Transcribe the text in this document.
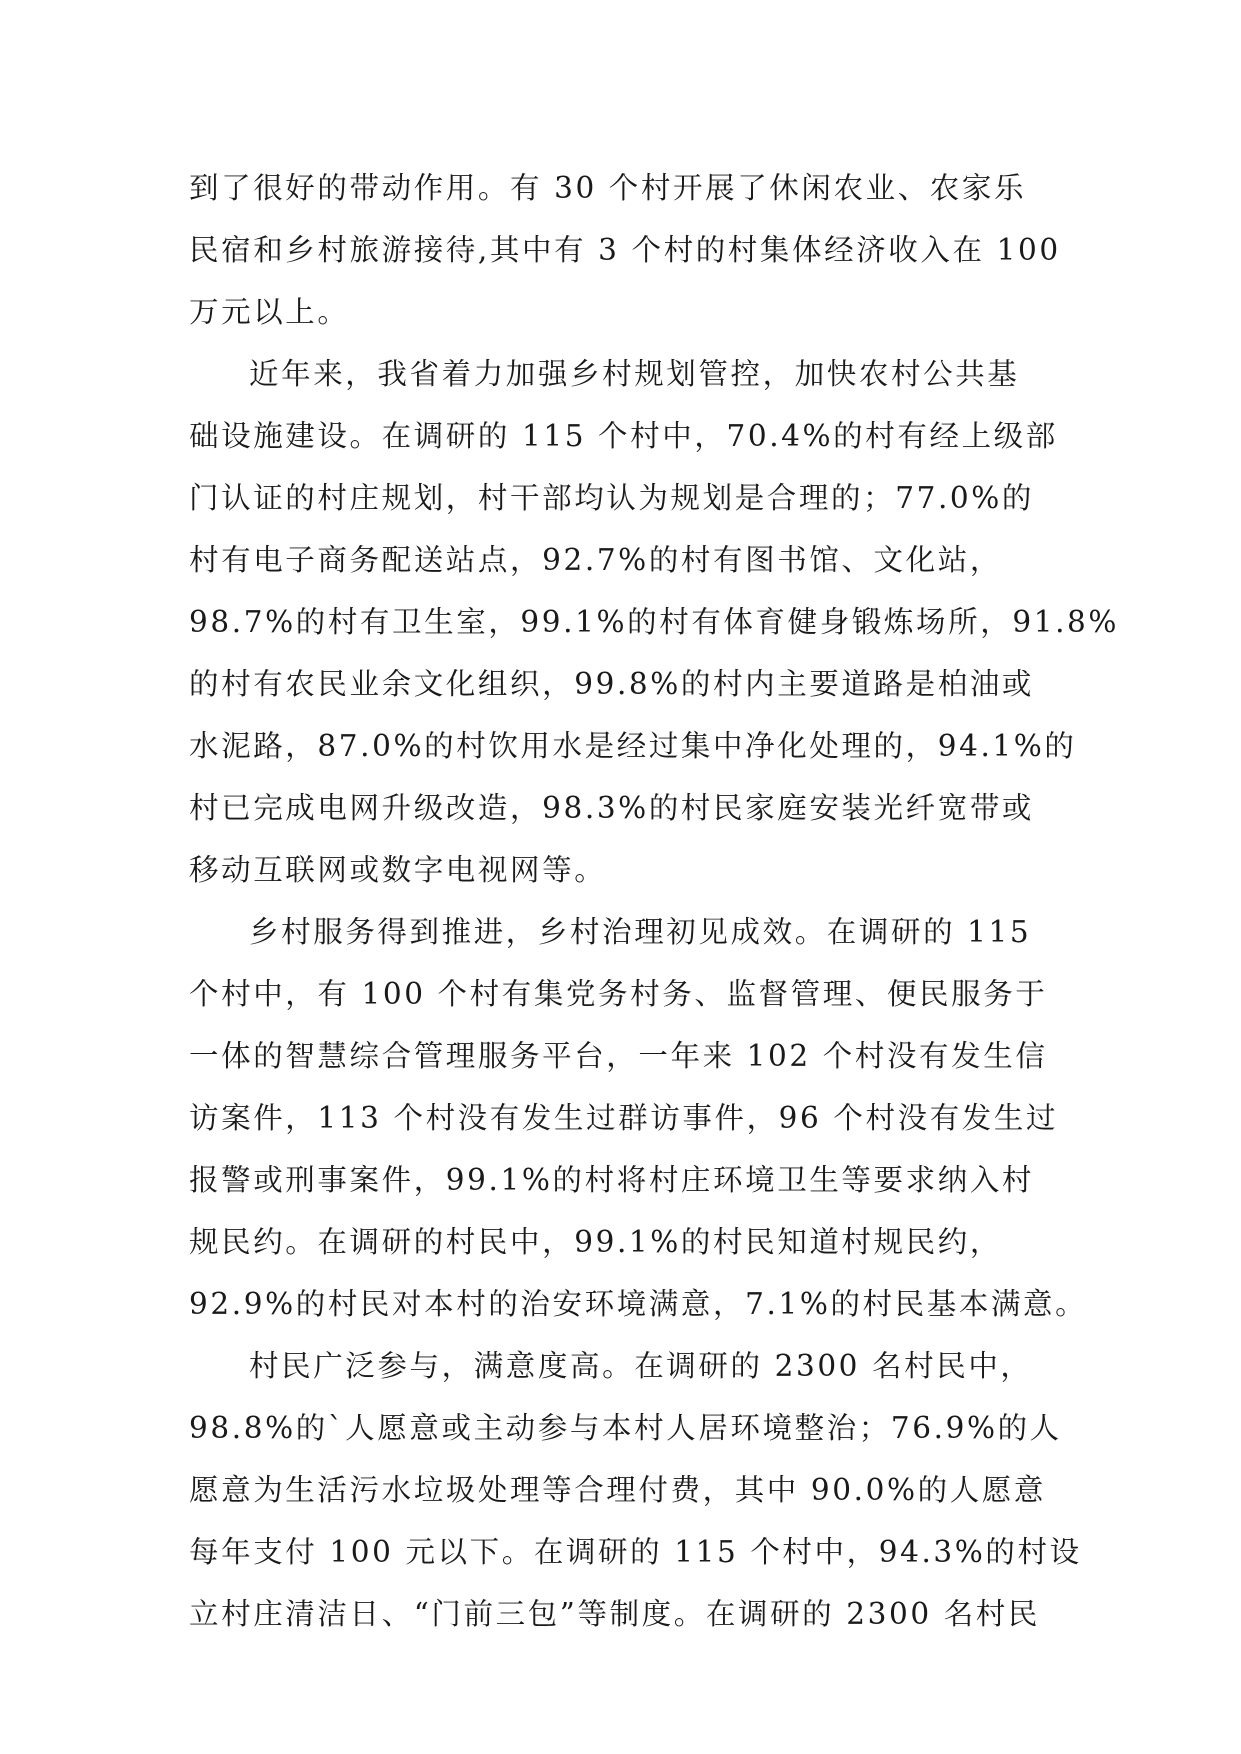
到了很好的带动作用。有 30 个村开展了休闲农业、农家乐
民宿和乡村旅游接待,其中有 3 个村的村集体经济收入在 100
万元以上。
近年来，我省着力加强乡村规划管控，加快农村公共基
础设施建设。在调研的 115 个村中，70.4%的村有经上级部
门认证的村庄规划，村干部均认为规划是合理的；77.0%的
村有电子商务配送站点，92.7%的村有图书馆、文化站，
98.7%的村有卫生室，99.1%的村有体育健身锻炼场所，91.8%
的村有农民业余文化组织，99.8%的村内主要道路是柏油或
水泥路，87.0%的村饮用水是经过集中净化处理的，94.1%的
村已完成电网升级改造，98.3%的村民家庭安装光纤宽带或
移动互联网或数字电视网等。
乡村服务得到推进，乡村治理初见成效。在调研的 115
个村中，有 100 个村有集党务村务、监督管理、便民服务于
一体的智慧综合管理服务平台，一年来 102 个村没有发生信
访案件，113 个村没有发生过群访事件，96 个村没有发生过
报警或刑事案件，99.1%的村将村庄环境卫生等要求纳入村
规民约。在调研的村民中，99.1%的村民知道村规民约，
92.9%的村民对本村的治安环境满意，7.1%的村民基本满意。
村民广泛参与，满意度高。在调研的 2300 名村民中，
98.8%的`人愿意或主动参与本村人居环境整治；76.9%的人
愿意为生活污水垃圾处理等合理付费，其中 90.0%的人愿意
每年支付 100 元以下。在调研的 115 个村中，94.3%的村设
立村庄清洁日、“门前三包”等制度。在调研的 2300 名村民
